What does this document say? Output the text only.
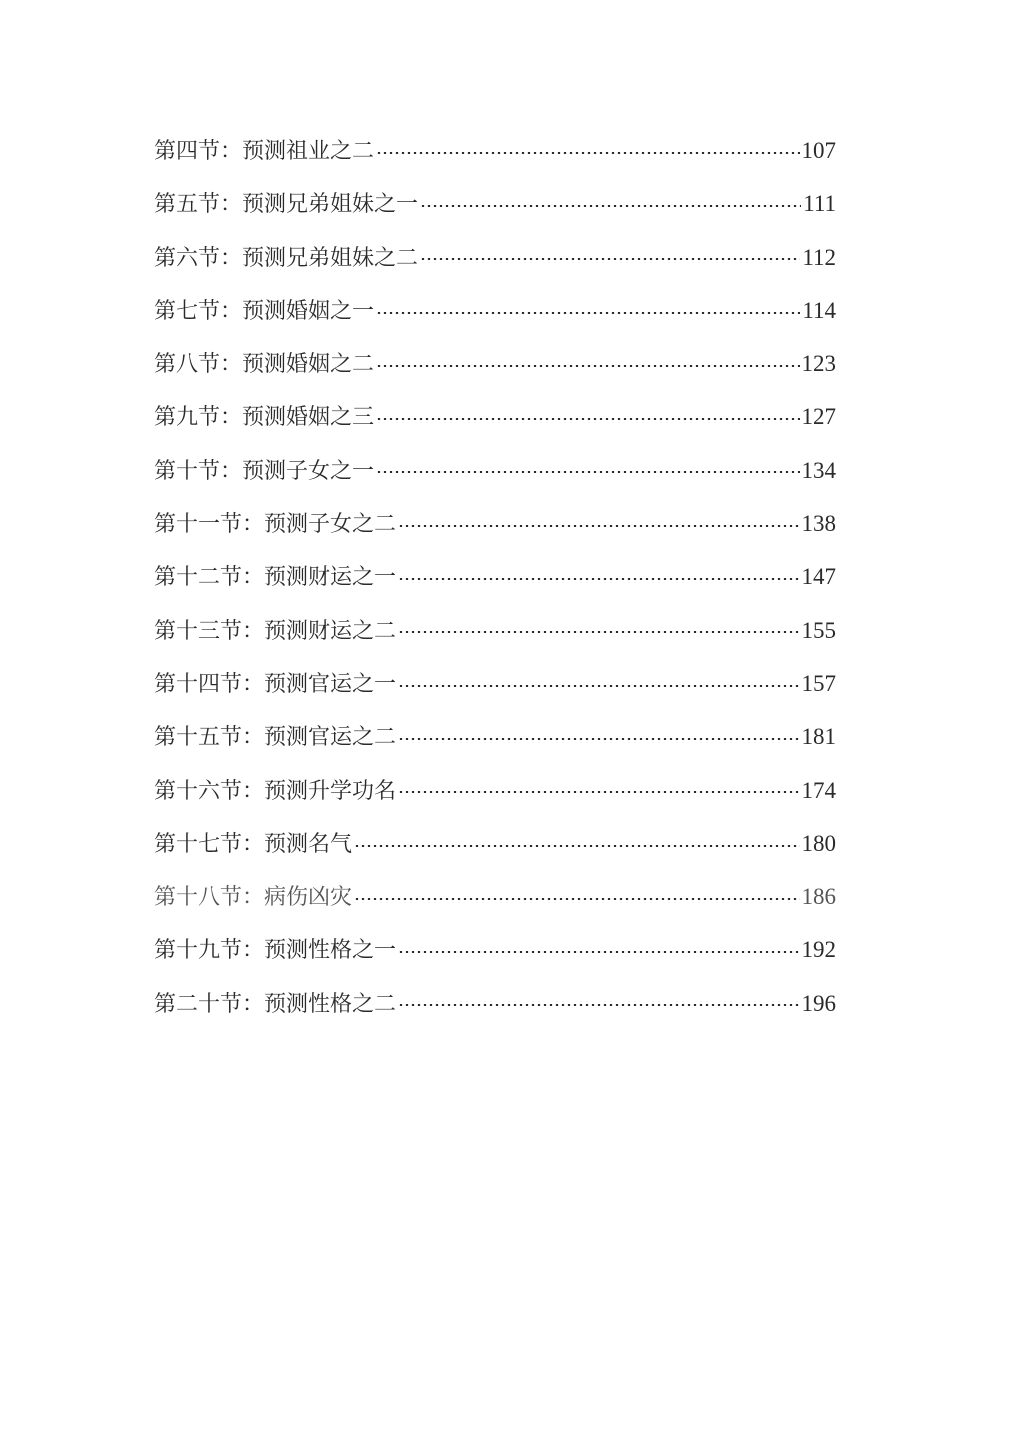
第四节： 预测祖业之二	107
第五节： 预测兄弟姐妹之一	111
第六节： 预测兄弟姐妹之二	112
第七节： 预测婚姻之一	114
第八节： 预测婚姻之二	123
第九节： 预测婚姻之三	127
第十节： 预测子女之一	134
第十一节： 预测子女之二	138
第十二节： 预测财运之一	147
第十三节： 预测财运之二	155
第十四节： 预测官运之一	157
第十五节： 预测官运之二	181
第十六节： 预测升学功名	174
第十七节： 预测名气	180
第十八节： 病伤凶灾	186
第十九节： 预测性格之一	192
第二十节： 预测性格之二	196
